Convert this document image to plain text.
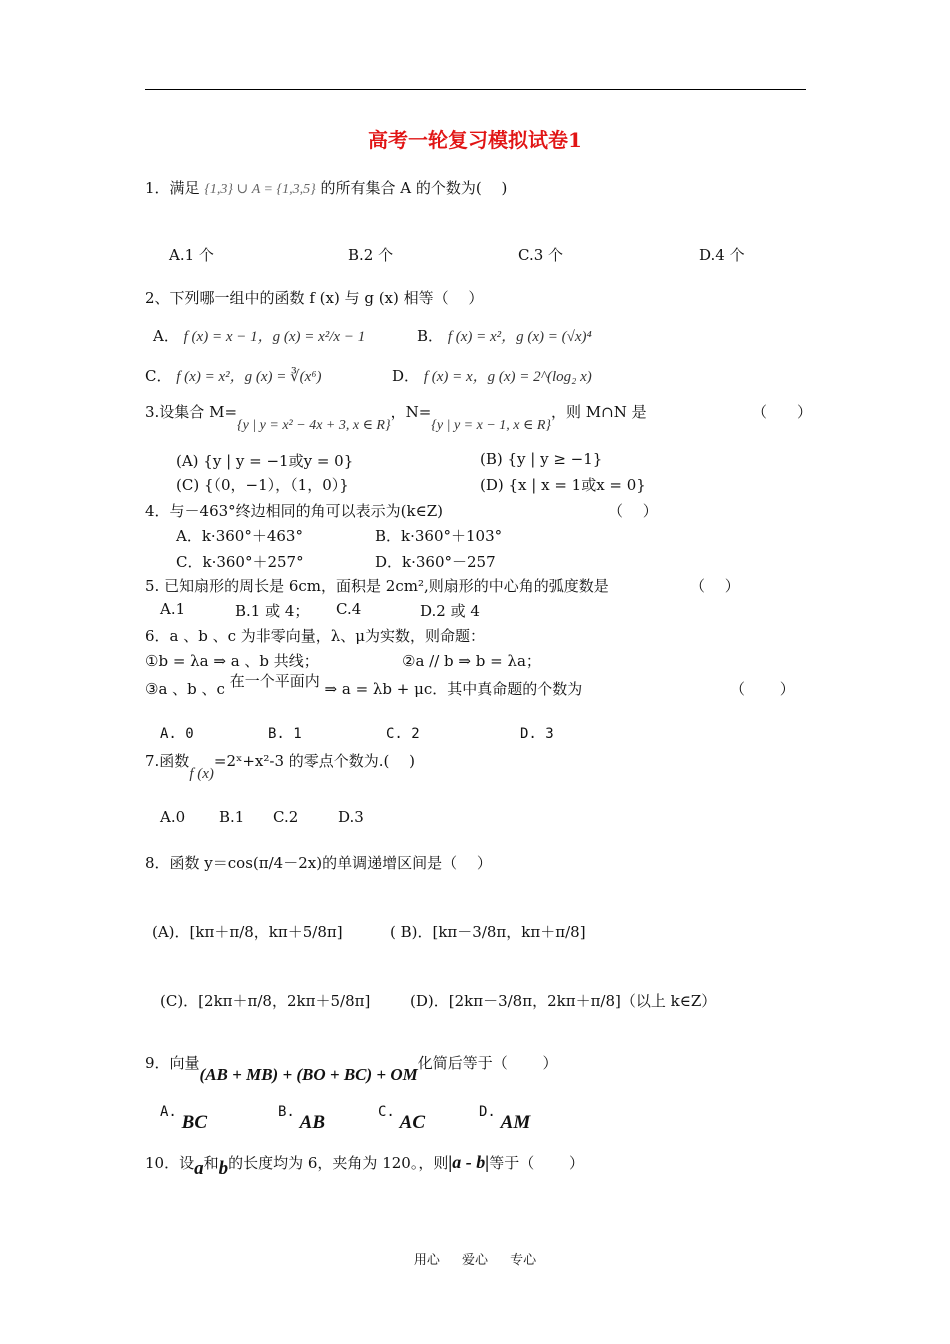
高考一轮复习模拟试卷1
1．满足 {1,3} ∪ A = {1,3,5} 的所有集合 A 的个数为(　 )
A.1 个	B.2 个	C.3 个	D.4 个
2、下列哪一组中的函数 f (x) 与 g (x) 相等（　 ）
A． f (x) = x − 1，g (x) = x²/x − 1	B． f (x) = x²，g (x) = (√x)⁴
C． f (x) = x²，g (x) = ∛(x⁶)	D． f (x) = x，g (x) = 2^(log₂ x)
3.设集合 M={y | y = x² − 4x + 3, x ∈ R}，N={y | y = x − 1, x ∈ R}，则 M∩N 是	（　　）
(A) {y | y = −1或y = 0}	(B) {y | y ≥ −1}
(C) {（0，−1），（1，0）}	(D) {x | x = 1或x = 0}
4．与－463°终边相同的角可以表示为(k∈Z)	（　 ）
A．k·360°＋463°	B．k·360°＋103°
C．k·360°＋257°	D．k·360°－257
5. 已知扇形的周长是 6cm，面积是 2cm²,则扇形的中心角的弧度数是	（　 ）
A.1	B.1 或 4； C.4	D.2 或 4
6．a 、b 、c 为非零向量，λ、μ为实数，则命题：
①b = λa ⇒ a 、b 共线；	②a // b ⇒ b = λa；
③a 、b 、c 在一个平面内 ⇒ a = λb + μc．其中真命题的个数为	（　　 ）
A. 0	B. 1	C. 2	D. 3
7.函数f (x)=2ˣ+x²-3 的零点个数为.(　 )
A.0 B.1 C.2	D.3
8．函数 y＝cos(π/4－2x)的单调递增区间是（　 ）
(A)．[kπ＋π/8，kπ＋5/8π]	( B)．[kπ－3/8π，kπ＋π/8]
(C)．[2kπ＋π/8，2kπ＋5/8π]	(D)．[2kπ－3/8π，2kπ＋π/8]（以上 k∈Z）
9．向量(AB + MB) + (BO + BC) + OM化简后等于（　　 ）
A. BC	B. AB	C. AC	D. AM
10．设a和b的长度均为 6，夹角为 120。，则|a - b|等于（　　 ）
用心 爱心 专心
